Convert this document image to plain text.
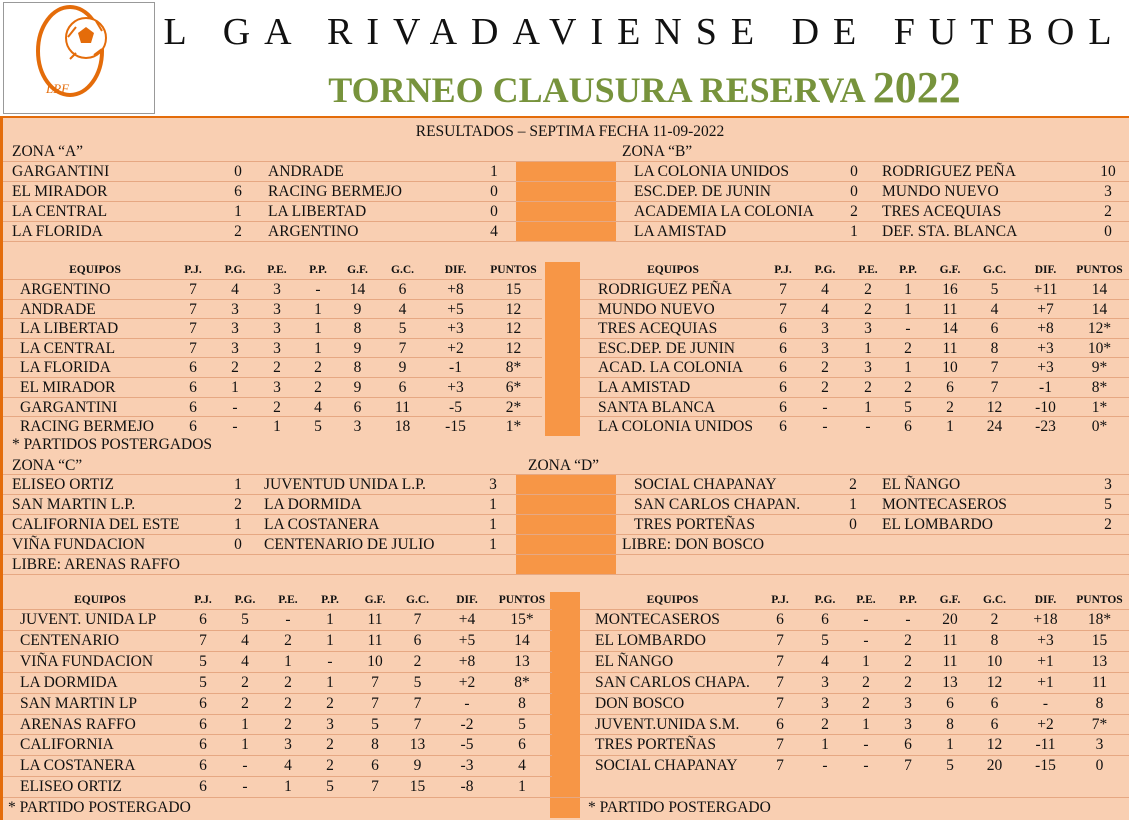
LRF
L GA RIVADAVIENSE DE FUTBOL
TORNEO CLAUSURA RESERVA 2022
RESULTADOS – SEPTIMA FECHA 11-09-2022
ZONA “A”	ZONA “B”
GARGANTINI	0	ANDRADE	1	LA COLONIA UNIDOS	0	RODRIGUEZ PEÑA	10
EL MIRADOR	6	RACING BERMEJO	0	ESC.DEP. DE JUNIN	0	MUNDO NUEVO	3
LA CENTRAL	1	LA LIBERTAD	0	ACADEMIA LA COLONIA	2	TRES ACEQUIAS	2
LA FLORIDA	2	ARGENTINO	4	LA AMISTAD	1	DEF. STA. BLANCA	0
EQUIPOS	P.J.	P.G.	P.E.	P.P.	G.F.	G.C.	DIF.	PUNTOS
ARGENTINO	7	4	3	-	14	6	+8	15
ANDRADE	7	3	3	1	9	4	+5	12
LA LIBERTAD	7	3	3	1	8	5	+3	12
LA CENTRAL	7	3	3	1	9	7	+2	12
LA FLORIDA	6	2	2	2	8	9	-1	8*
EL MIRADOR	6	1	3	2	9	6	+3	6*
GARGANTINI	6	-	2	4	6	11	-5	2*
RACING BERMEJO	6	-	1	5	3	18	-15	1*
EQUIPOS	P.J.	P.G.	P.E.	P.P.	G.F.	G.C.	DIF.	PUNTOS
RODRIGUEZ PEÑA	7	4	2	1	16	5	+11	14
MUNDO NUEVO	7	4	2	1	11	4	+7	14
TRES ACEQUIAS	6	3	3	-	14	6	+8	12*
ESC.DEP. DE JUNIN	6	3	1	2	11	8	+3	10*
ACAD. LA COLONIA	6	2	3	1	10	7	+3	9*
LA AMISTAD	6	2	2	2	6	7	-1	8*
SANTA BLANCA	6	-	1	5	2	12	-10	1*
LA COLONIA UNIDOS	6	-	-	6	1	24	-23	0*
* PARTIDOS POSTERGADOS
ZONA “C”	ZONA “D”
ELISEO ORTIZ	1	JUVENTUD UNIDA L.P.	3	SOCIAL CHAPANAY	2	EL ÑANGO	3
SAN MARTIN L.P.	2	LA DORMIDA	1	SAN CARLOS CHAPAN.	1	MONTECASEROS	5
CALIFORNIA DEL ESTE	1	LA COSTANERA	1	TRES PORTEÑAS	0	EL LOMBARDO	2
VIÑA FUNDACION	0	CENTENARIO DE JULIO	1	LIBRE: DON BOSCO
LIBRE: ARENAS RAFFO
EQUIPOS	P.J.	P.G.	P.E.	P.P.	G.F.	G.C.	DIF.	PUNTOS
JUVENT. UNIDA LP	6	5	-	1	11	7	+4	15*
CENTENARIO	7	4	2	1	11	6	+5	14
VIÑA FUNDACION	5	4	1	-	10	2	+8	13
LA DORMIDA	5	2	2	1	7	5	+2	8*
SAN MARTIN LP	6	2	2	2	7	7	-	8
ARENAS RAFFO	6	1	2	3	5	7	-2	5
CALIFORNIA	6	1	3	2	8	13	-5	6
LA COSTANERA	6	-	4	2	6	9	-3	4
ELISEO ORTIZ	6	-	1	5	7	15	-8	1
EQUIPOS	P.J.	P.G.	P.E.	P.P.	G.F.	G.C.	DIF.	PUNTOS
MONTECASEROS	6	6	-	-	20	2	+18	18*
EL LOMBARDO	7	5	-	2	11	8	+3	15
EL ÑANGO	7	4	1	2	11	10	+1	13
SAN CARLOS CHAPA.	7	3	2	2	13	12	+1	11
DON BOSCO	7	3	2	3	6	6	-	8
JUVENT.UNIDA S.M.	6	2	1	3	8	6	+2	7*
TRES PORTEÑAS	7	1	-	6	1	12	-11	3
SOCIAL CHAPANAY	7	-	-	7	5	20	-15	0
* PARTIDO POSTERGADO	* PARTIDO POSTERGADO
